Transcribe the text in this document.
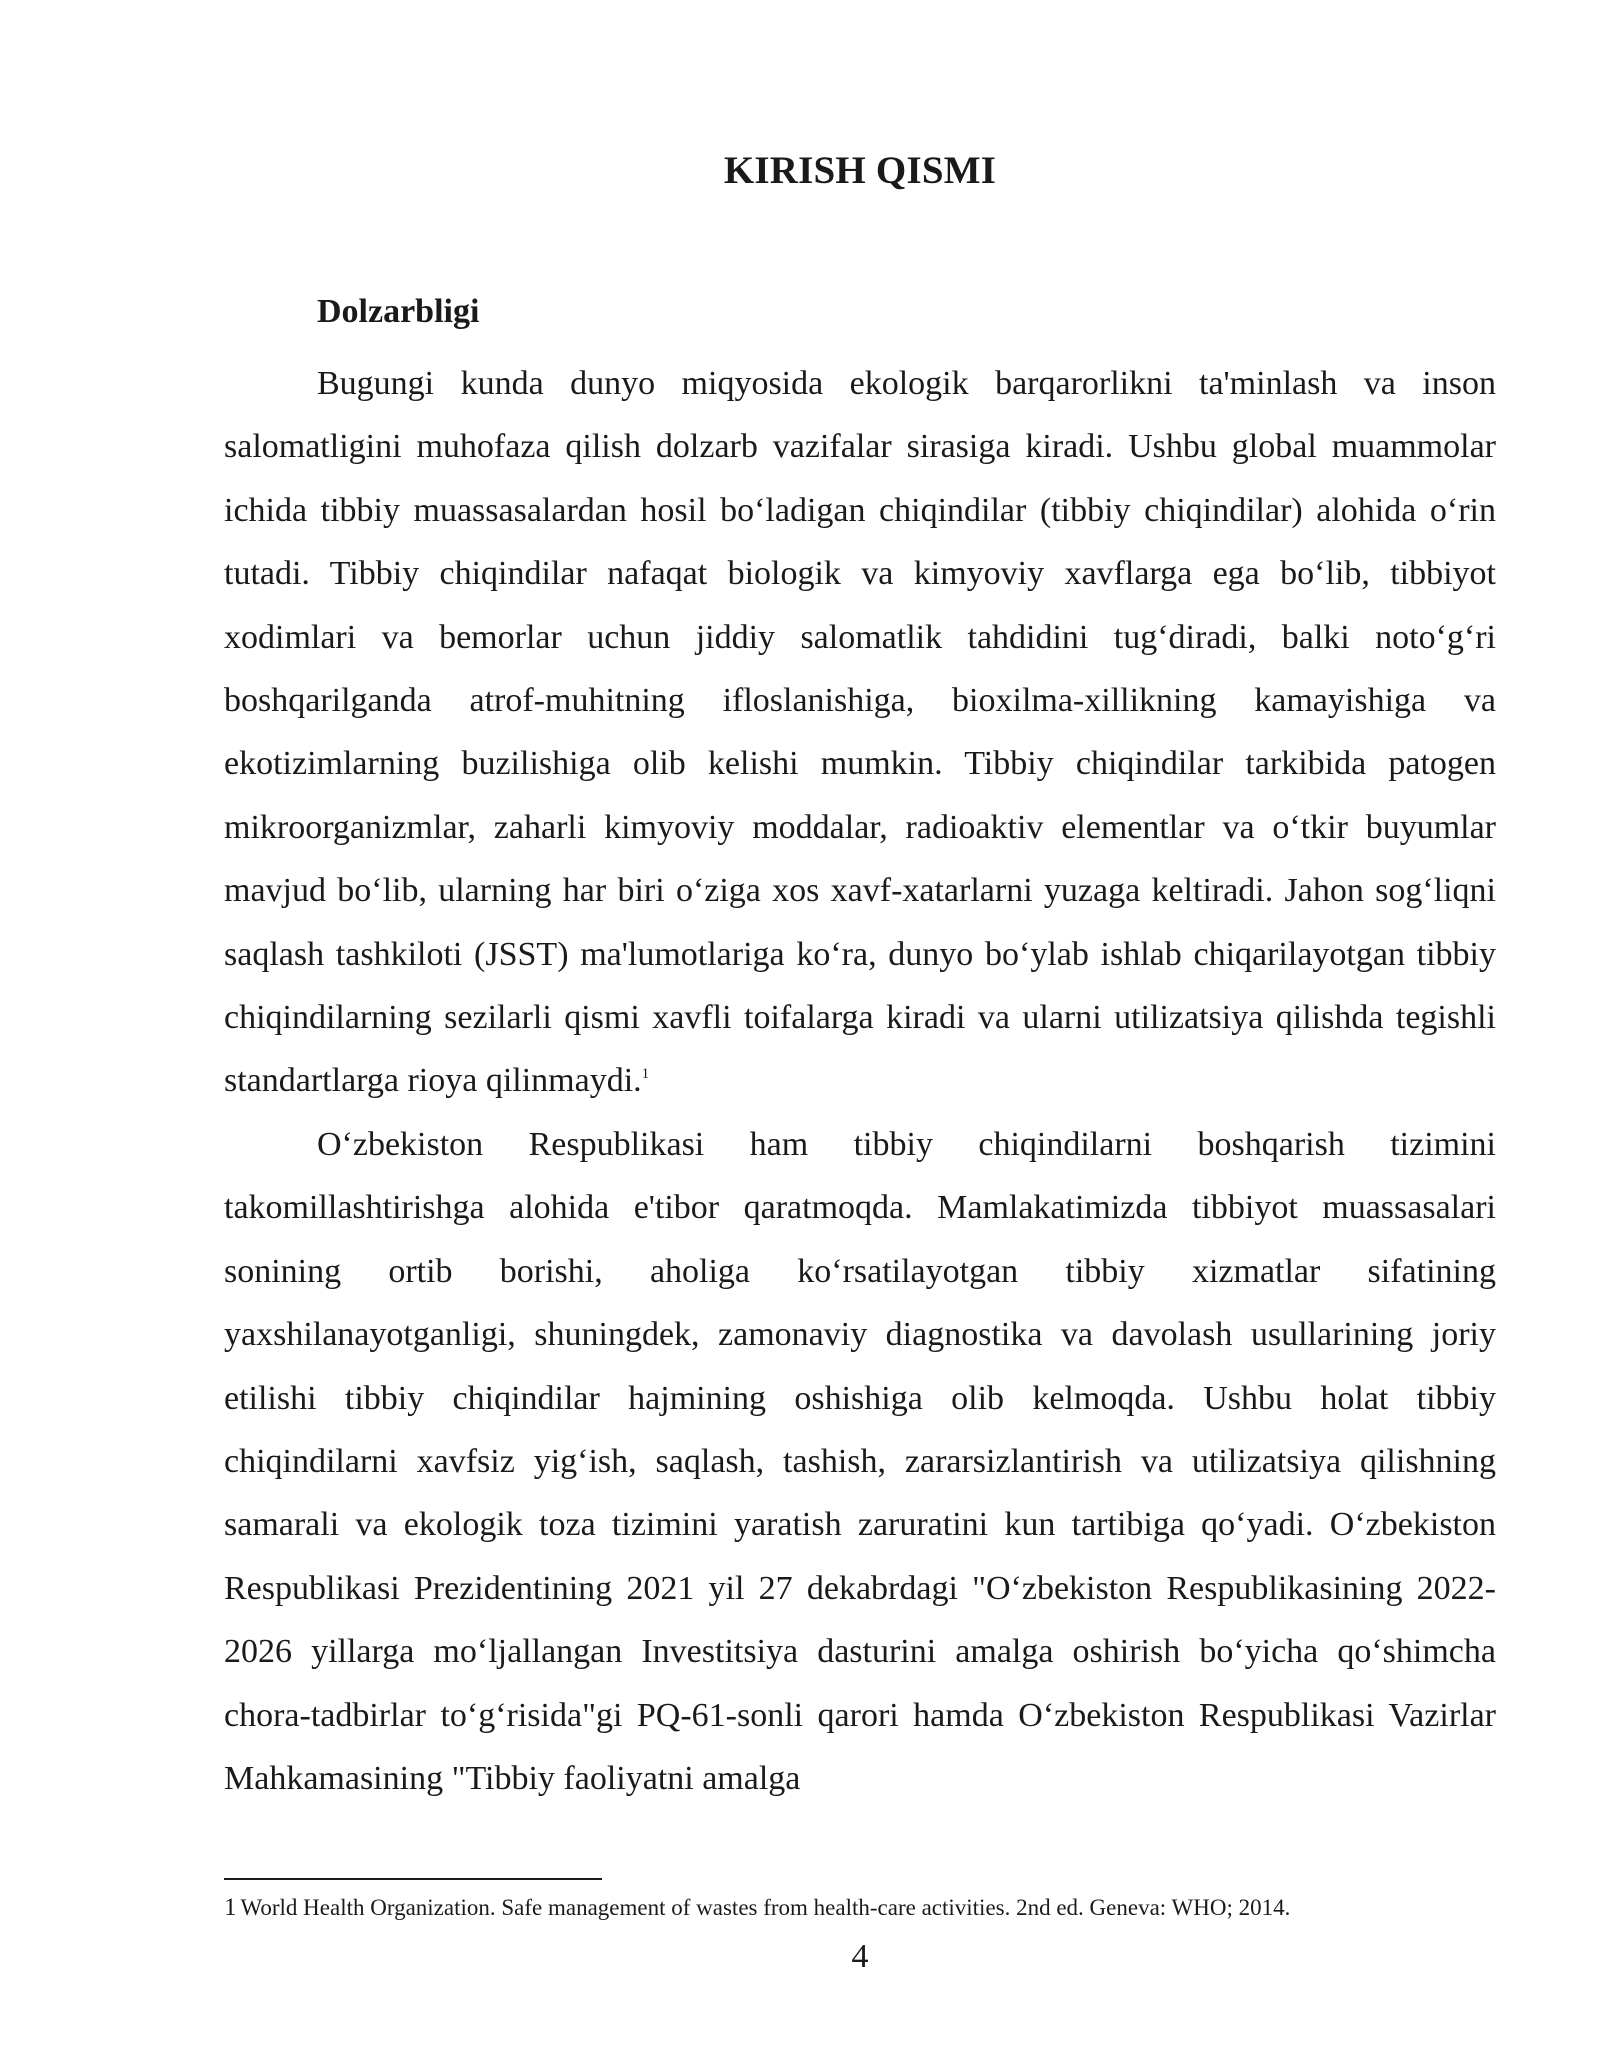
KIRISH QISMI
Dolzarbligi

Bugungi kunda dunyo miqyosida ekologik barqarorlikni ta'minlash va inson salomatligini muhofaza qilish dolzarb vazifalar sirasiga kiradi. Ushbu global muammolar ichida tibbiy muassasalardan hosil bo‘ladigan chiqindilar (tibbiy chiqindilar) alohida o‘rin tutadi. Tibbiy chiqindilar nafaqat biologik va kimyoviy xavflarga ega bo‘lib, tibbiyot xodimlari va bemorlar uchun jiddiy salomatlik tahdidini tug‘diradi, balki noto‘g‘ri boshqarilganda atrof-muhitning ifloslanishiga, bioxilma-xillikning kamayishiga va ekotizimlarning buzilishiga olib kelishi mumkin. Tibbiy chiqindilar tarkibida patogen mikroorganizmlar, zaharli kimyoviy moddalar, radioaktiv elementlar va o‘tkir buyumlar mavjud bo‘lib, ularning har biri o‘ziga xos xavf-xatarlarni yuzaga keltiradi. Jahon sog‘liqni saqlash tashkiloti (JSST) ma'lumotlariga ko‘ra, dunyo bo‘ylab ishlab chiqarilayotgan tibbiy chiqindilarning sezilarli qismi xavfli toifalarga kiradi va ularni utilizatsiya qilishda tegishli standartlarga rioya qilinmaydi.$^1$

O‘zbekiston Respublikasi ham tibbiy chiqindilarni boshqarish tizimini takomillashtirishga alohida e'tibor qaratmoqda. Mamlakatimizda tibbiyot muassasalari sonining ortib borishi, aholiga ko‘rsatilayotgan tibbiy xizmatlar sifatining yaxshilanayotganligi, shuningdek, zamonaviy diagnostika va davolash usullarining joriy etilishi tibbiy chiqindilar hajmining oshishiga olib kelmoqda. Ushbu holat tibbiy chiqindilarni xavfsiz yig‘ish, saqlash, tashish, zararsizlantirish va utilizatsiya qilishning samarali va ekologik toza tizimini yaratish zaruratini kun tartibiga qo‘yadi. O‘zbekiston Respublikasi Prezidentining 2021 yil 27 dekabrdagi "O‘zbekiston Respublikasining 2022-2026 yillarga mo‘ljallangan Investitsiya dasturini amalga oshirish bo‘yicha qo‘shimcha chora-tadbirlar to‘g‘risida"gi PQ-61-sonli qarori hamda O‘zbekiston Respublikasi Vazirlar Mahkamasining "Tibbiy faoliyatni amalga

1 World Health Organization. Safe management of wastes from health-care activities. 2nd ed. Geneva: WHO; 2014.
4
